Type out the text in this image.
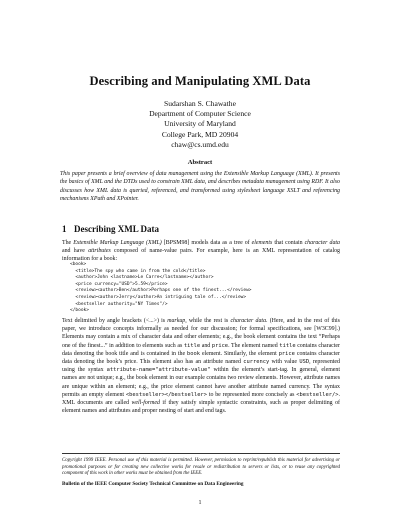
Describing and Manipulating XML Data
Sudarshan S. Chawathe
Department of Computer Science
University of Maryland
College Park, MD 20904
chaw@cs.umd.edu
Abstract
This paper presents a brief overview of data management using the Extensible Markup Language (XML). It presents the basics of XML and the DTDs used to constrain XML data, and describes metadata management using RDF. It also discusses how XML data is queried, referenced, and transformed using stylesheet language XSLT and referencing mechanisms XPath and XPointer.
1 Describing XML Data
The Extensible Markup Language (XML) [BPSM98] models data as a tree of elements that contain character data and have attributes composed of name-value pairs. For example, here is an XML representation of catalog information for a book:
<book>
<title>The spy who came in from the cold</title>
<author>John <lastname>Le Carre</lastname></author>
<price currency="USD">5.59</price>
<review><author>Ben</author>Perhaps one of the finest...</review>
<review><author>Jerry</author>An intriguing tale of...</review>
<bestseller authority="NY Times"/>
</book>
Text delimited by angle brackets (<...>) is markup, while the rest is character data. (Here, and in the rest of this paper, we introduce concepts informally as needed for our discussion; for formal specifications, see [W3C99].) Elements may contain a mix of character data and other elements; e.g., the book element contains the text “Perhaps one of the finest...” in addition to elements such as title and price. The element named title contains character data denoting the book title and is contained in the book element. Similarly, the element price contains character data denoting the book’s price. This element also has an attribute named currency with value USD, represented using the syntax attribute-name="attribute-value" within the element’s start-tag. In general, element names are not unique; e.g., the book element in our example contains two review elements. However, attribute names are unique within an element; e.g., the price element cannot have another attribute named currency. The syntax permits an empty element <bestseller></bestseller> to be represented more concisely as <bestseller/>. XML documents are called well-formed if they satisfy simple syntactic constraints, such as proper delimiting of element names and attributes and proper nesting of start and end tags.
Copyright 1999 IEEE. Personal use of this material is permitted. However, permission to reprint/republish this material for advertising or promotional purposes or for creating new collective works for resale or redistribution to servers or lists, or to reuse any copyrighted component of this work in other works must be obtained from the IEEE.
Bulletin of the IEEE Computer Society Technical Committee on Data Engineering
1
